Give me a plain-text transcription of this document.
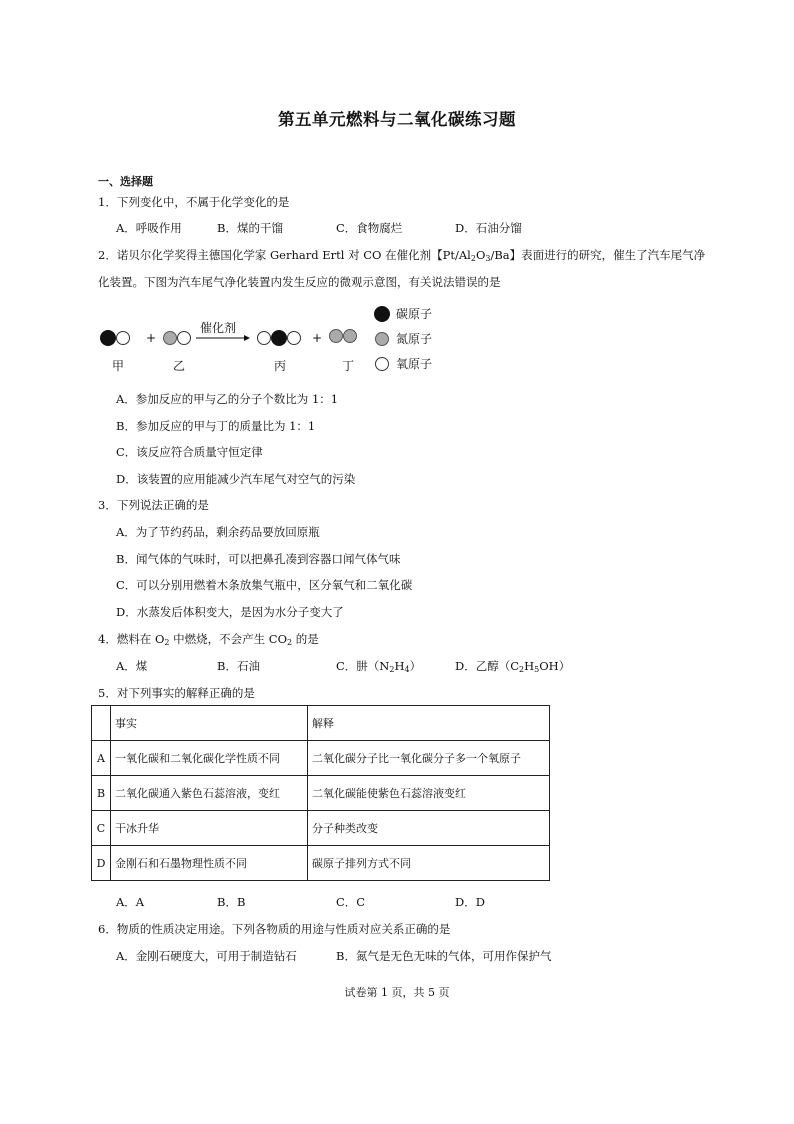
第五单元燃料与二氧化碳练习题
一、选择题
1．下列变化中，不属于化学变化的是
A．呼吸作用	B．煤的干馏	C．食物腐烂	D．石油分馏
2．诺贝尔化学奖得主德国化学家 Gerhard Ertl 对 CO 在催化剂【$Pt/Al_2O_3/Ba$】表面进行的研究，催生了汽车尾气净
化装置。下图为汽车尾气净化装置内发生反应的微观示意图，有关说法错误的是
+
催化剂
+
甲	乙	丙	丁
碳原子
氮原子
氧原子
A．参加反应的甲与乙的分子个数比为 1：1
B．参加反应的甲与丁的质量比为 1：1
C．该反应符合质量守恒定律
D．该装置的应用能减少汽车尾气对空气的污染
3．下列说法正确的是
A．为了节约药品，剩余药品要放回原瓶
B．闻气体的气味时，可以把鼻孔凑到容器口闻气体气味
C．可以分别用燃着木条放集气瓶中，区分氧气和二氧化碳
D．水蒸发后体积变大，是因为水分子变大了
4．燃料在 $O_2$ 中燃烧，不会产生 $CO_2$ 的是
A．煤	B．石油	C．肼$(N_2H_4)$	D．乙醇$(C_2H_5OH)$
5．对下列事实的解释正确的是
	事实	解释
A	一氧化碳和二氧化碳化学性质不同	二氧化碳分子比一氧化碳分子多一个氧原子
B	二氧化碳通入紫色石蕊溶液，变红	二氧化碳能使紫色石蕊溶液变红
C	干冰升华	分子种类改变
D	金刚石和石墨物理性质不同	碳原子排列方式不同
A．A	B．B	C．C	D．D
6．物质的性质决定用途。下列各物质的用途与性质对应关系正确的是
A．金刚石硬度大，可用于制造钻石	B．氮气是无色无味的气体，可用作保护气
试卷第 1 页，共 5 页
